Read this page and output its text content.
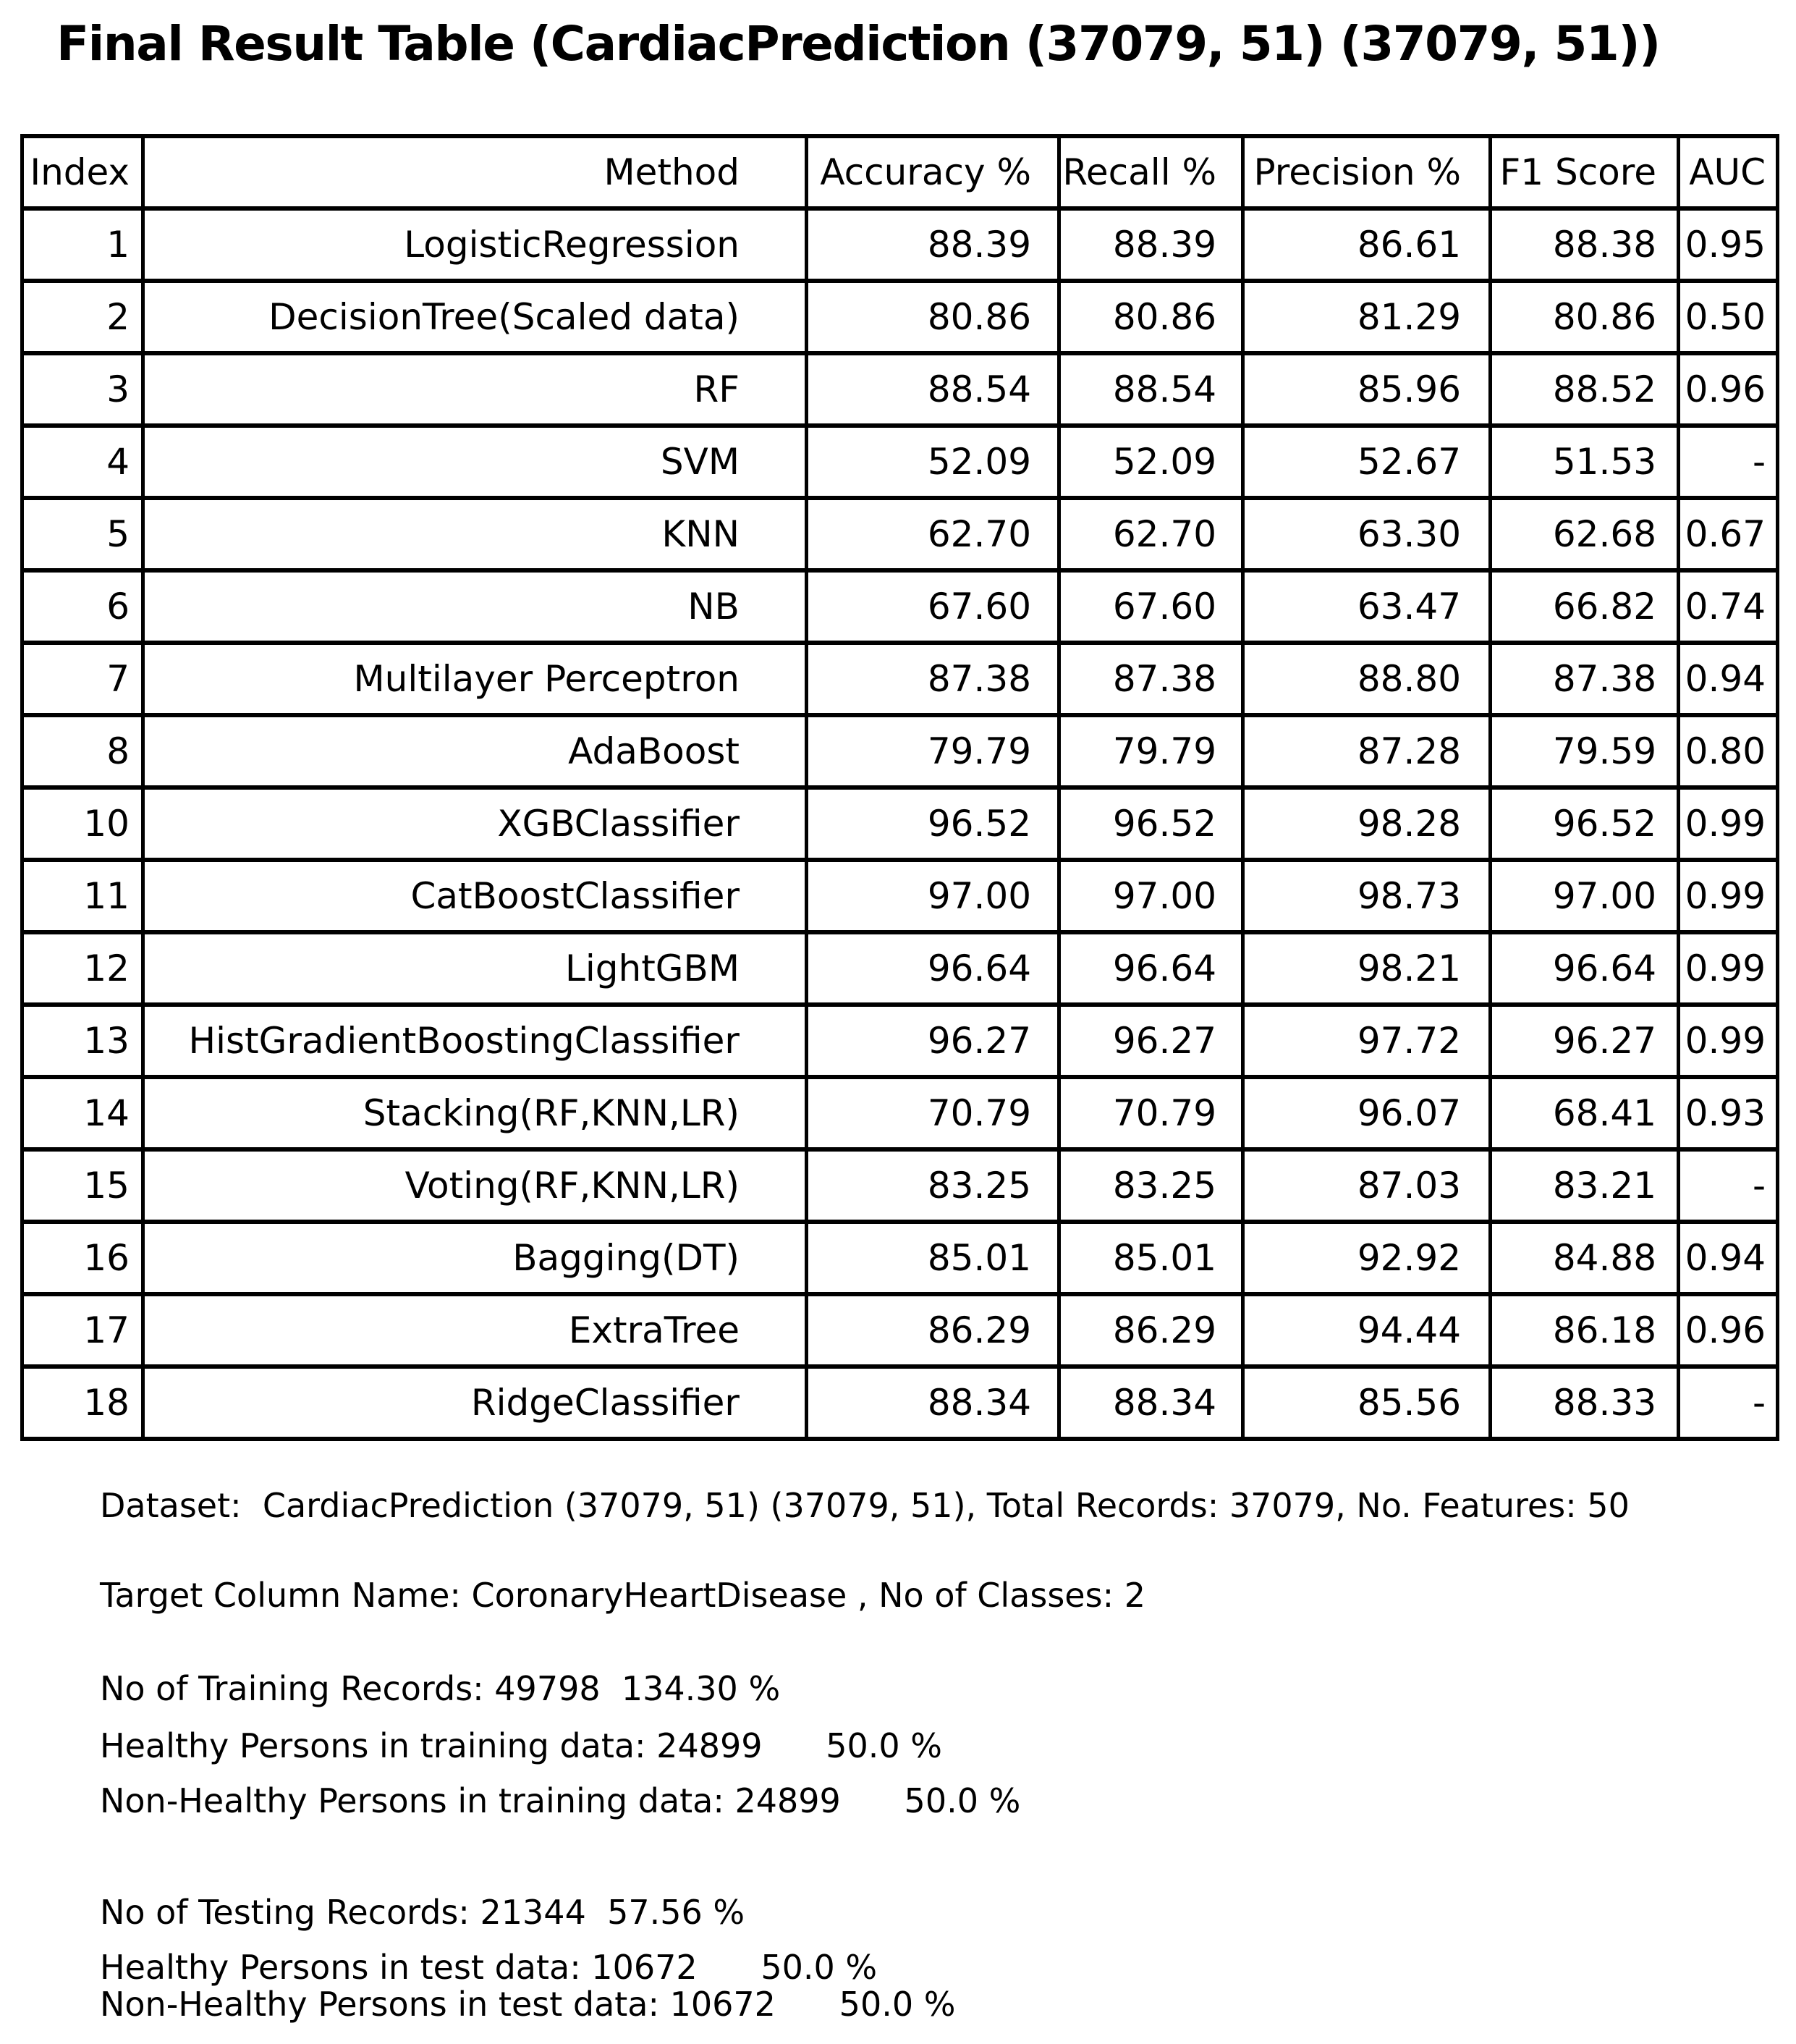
Final Result Table (CardiacPrediction (37079, 51) (37079, 51))
Index	Method	Accuracy %	Recall %	Precision %	F1 Score	AUC
1	LogisticRegression	88.39	88.39	86.61	88.38	0.95
2	DecisionTree(Scaled data)	80.86	80.86	81.29	80.86	0.50
3	RF	88.54	88.54	85.96	88.52	0.96
4	SVM	52.09	52.09	52.67	51.53	-
5	KNN	62.70	62.70	63.30	62.68	0.67
6	NB	67.60	67.60	63.47	66.82	0.74
7	Multilayer Perceptron	87.38	87.38	88.80	87.38	0.94
8	AdaBoost	79.79	79.79	87.28	79.59	0.80
10	XGBClassifier	96.52	96.52	98.28	96.52	0.99
11	CatBoostClassifier	97.00	97.00	98.73	97.00	0.99
12	LightGBM	96.64	96.64	98.21	96.64	0.99
13	HistGradientBoostingClassifier	96.27	96.27	97.72	96.27	0.99
14	Stacking(RF,KNN,LR)	70.79	70.79	96.07	68.41	0.93
15	Voting(RF,KNN,LR)	83.25	83.25	87.03	83.21	-
16	Bagging(DT)	85.01	85.01	92.92	84.88	0.94
17	ExtraTree	86.29	86.29	94.44	86.18	0.96
18	RidgeClassifier	88.34	88.34	85.56	88.33	-
Dataset:  CardiacPrediction (37079, 51) (37079, 51), Total Records: 37079, No. Features: 50
Target Column Name: CoronaryHeartDisease , No of Classes: 2
No of Training Records: 49798  134.30 %
Healthy Persons in training data: 24899      50.0 %
Non-Healthy Persons in training data: 24899      50.0 %
No of Testing Records: 21344  57.56 %
Healthy Persons in test data: 10672      50.0 %
Non-Healthy Persons in test data: 10672      50.0 %
